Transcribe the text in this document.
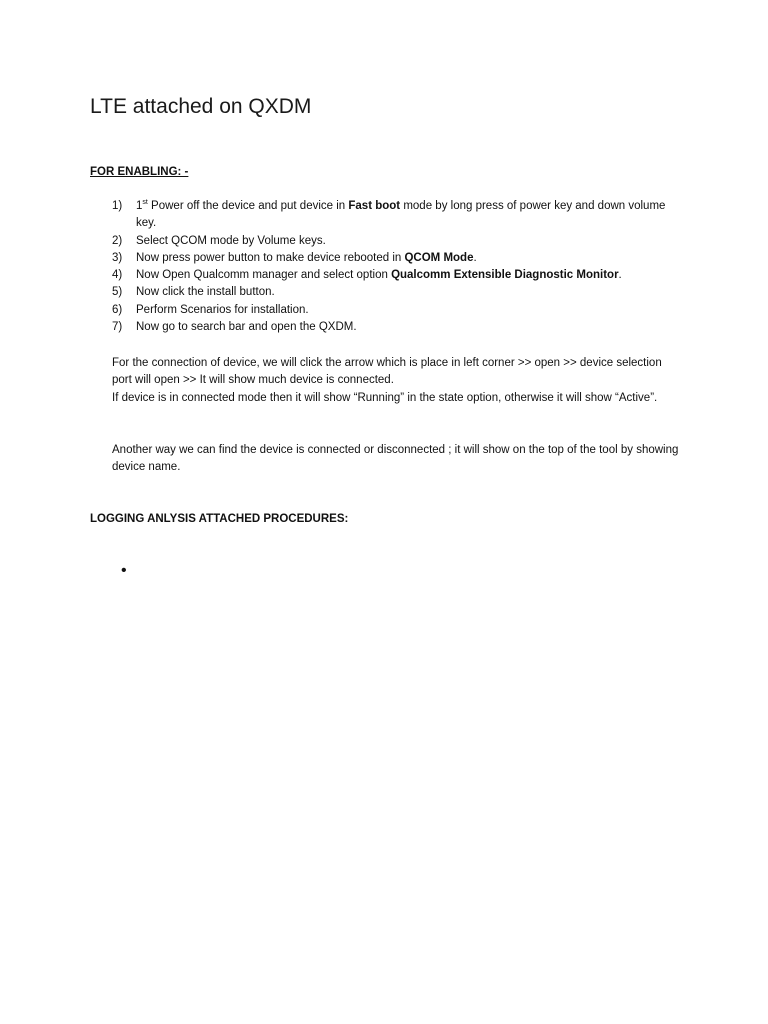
LTE attached on QXDM

FOR ENABLING: -

1) 1st Power off the device and put device in Fast boot mode by long press of power key and down volume key.
2) Select QCOM mode by Volume keys.
3) Now press power button to make device rebooted in QCOM Mode.
4) Now Open Qualcomm manager and select option Qualcomm Extensible Diagnostic Monitor.
5) Now click the install button.
6) Perform Scenarios for installation.
7) Now go to search bar and open the QXDM.
For the connection of device, we will click the arrow which is place in left corner >> open >> device selection port will open >> It will show much device is connected.
If device is in connected mode then it will show “Running” in the state option, otherwise it will show “Active”.

Another way we can find the device is connected or disconnected ; it will show on the top of the tool by showing device name.

LOGGING ANLYSIS ATTACHED PROCEDURES:

•
